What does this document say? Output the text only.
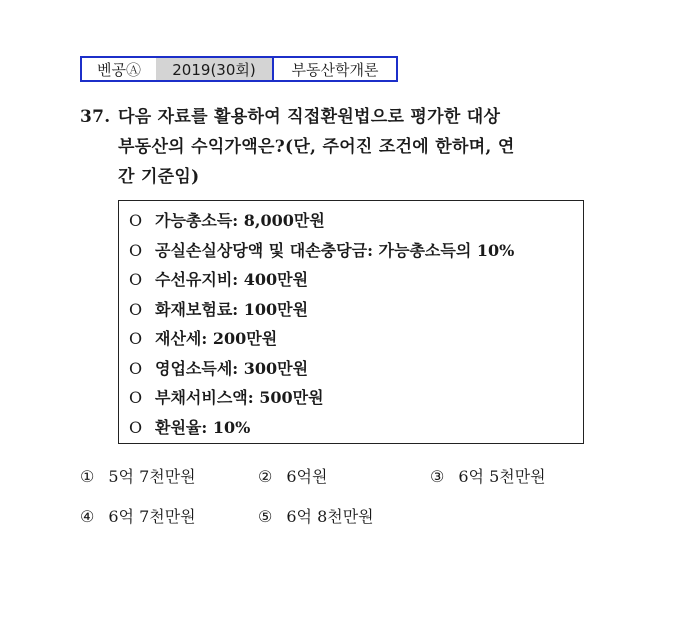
벤공Ⓐ	2019(30회)	부동산학개론
37. 다음 자료를 활용하여 직접환원법으로 평가한 대상
부동산의 수익가액은?(단, 주어진 조건에 한하며, 연
간 기준임)
O 가능총소득: 8,000만원
O 공실손실상당액 및 대손충당금: 가능총소득의 10%
O 수선유지비: 400만원
O 화재보험료: 100만원
O 재산세: 200만원
O 영업소득세: 300만원
O 부채서비스액: 500만원
O 환원율: 10%
① 5억 7천만원	② 6억원	③ 6억 5천만원
④ 6억 7천만원	⑤ 6억 8천만원
